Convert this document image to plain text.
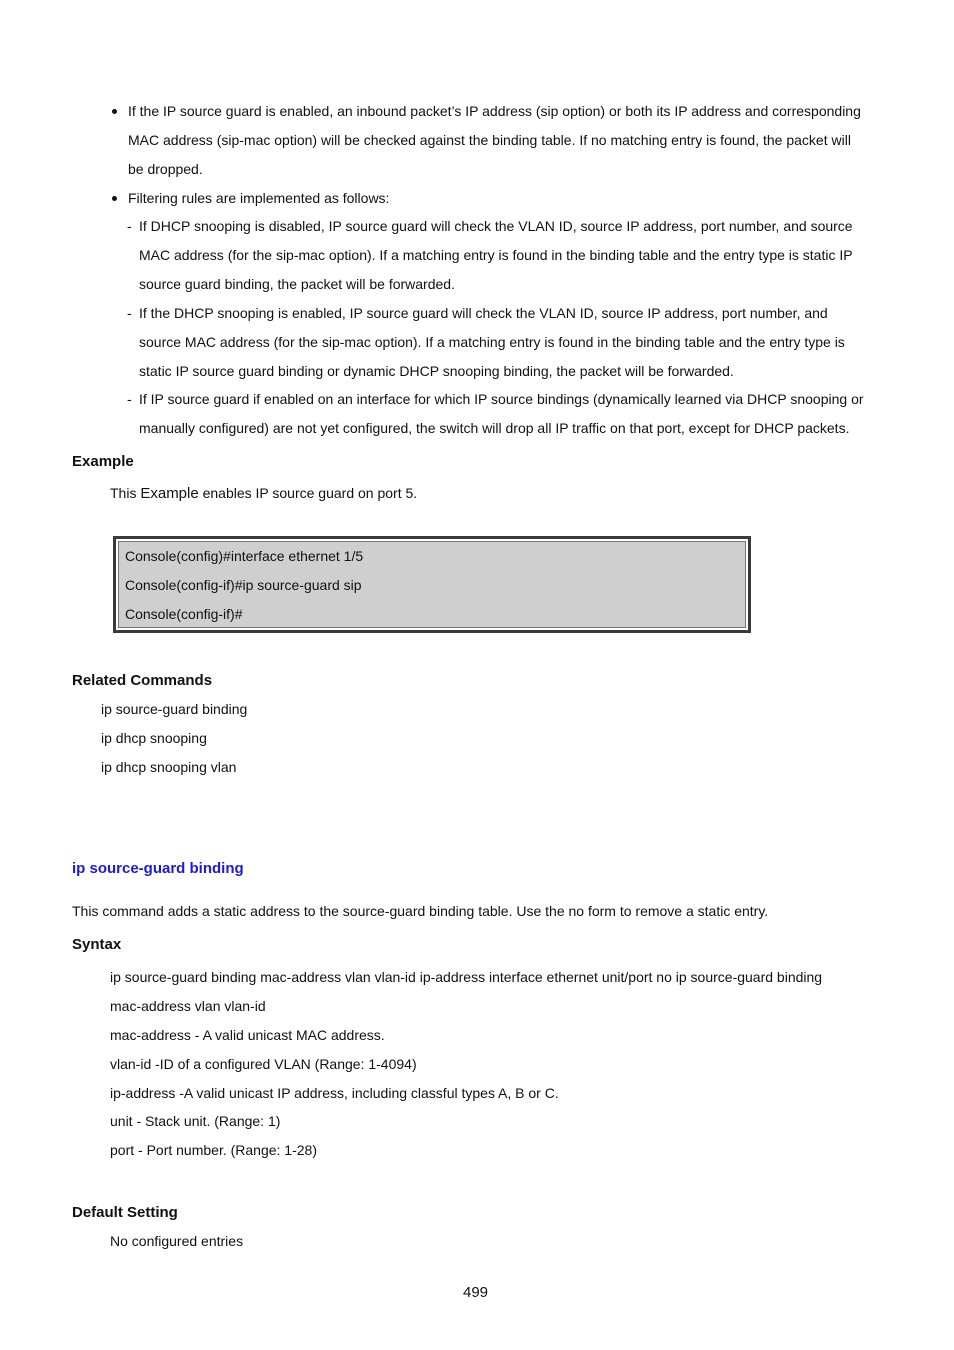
If the IP source guard is enabled, an inbound packet’s IP address (sip option) or both its IP address and corresponding
MAC address (sip-mac option) will be checked against the binding table. If no matching entry is found, the packet will
be dropped.
Filtering rules are implemented as follows:
- If DHCP snooping is disabled, IP source guard will check the VLAN ID, source IP address, port number, and source
MAC address (for the sip-mac option). If a matching entry is found in the binding table and the entry type is static IP
source guard binding, the packet will be forwarded.
- If the DHCP snooping is enabled, IP source guard will check the VLAN ID, source IP address, port number, and
source MAC address (for the sip-mac option). If a matching entry is found in the binding table and the entry type is
static IP source guard binding or dynamic DHCP snooping binding, the packet will be forwarded.
- If IP source guard if enabled on an interface for which IP source bindings (dynamically learned via DHCP snooping or
manually configured) are not yet configured, the switch will drop all IP traffic on that port, except for DHCP packets.
Example
This Example enables IP source guard on port 5.
Console(config)#interface ethernet 1/5
Console(config-if)#ip source-guard sip
Console(config-if)#
Related Commands
ip source-guard binding
ip dhcp snooping
ip dhcp snooping vlan
ip source-guard binding
This command adds a static address to the source-guard binding table. Use the no form to remove a static entry.
Syntax
ip source-guard binding mac-address vlan vlan-id ip-address interface ethernet unit/port no ip source-guard binding
mac-address vlan vlan-id
mac-address - A valid unicast MAC address.
vlan-id -ID of a configured VLAN (Range: 1-4094)
ip-address -A valid unicast IP address, including classful types A, B or C.
unit - Stack unit. (Range: 1)
port - Port number. (Range: 1-28)
Default Setting
No configured entries
499
